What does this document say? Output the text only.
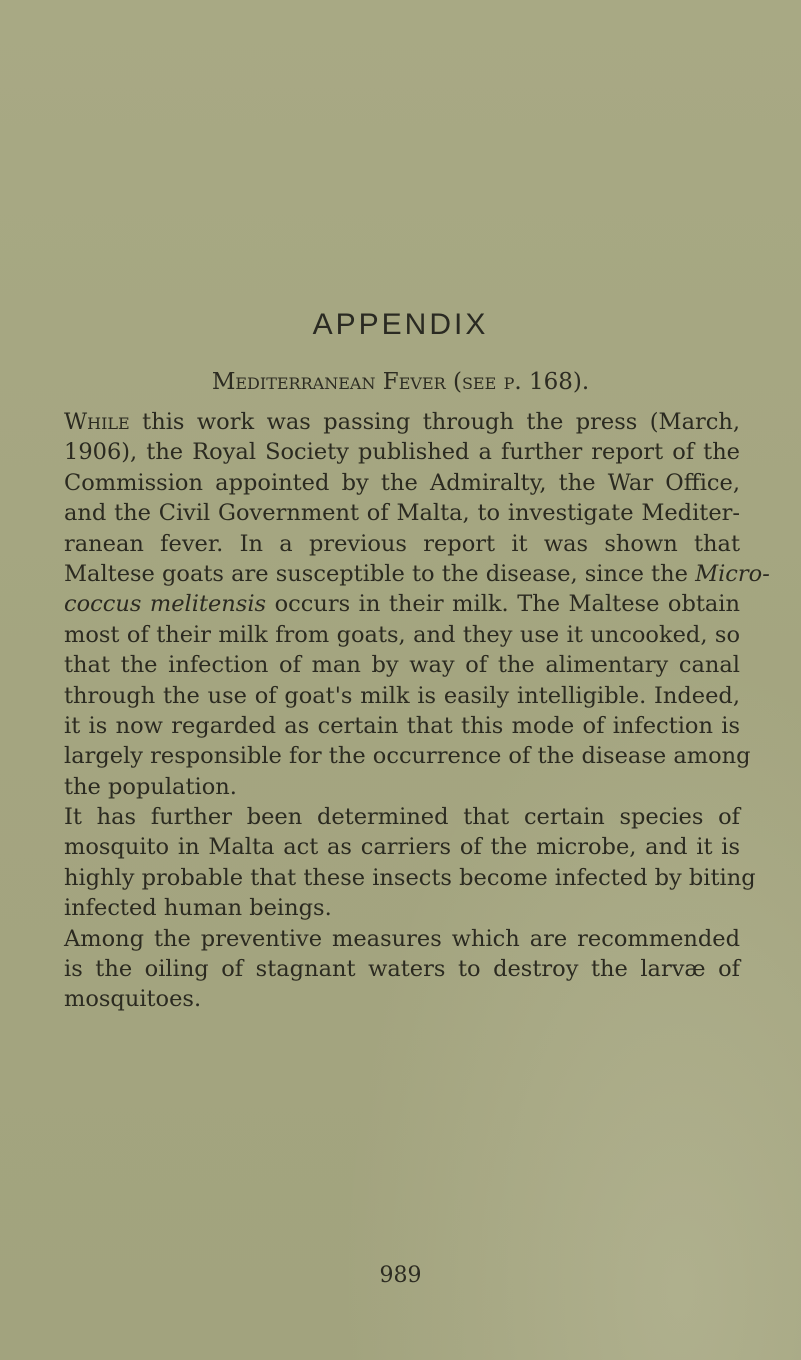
APPENDIX
Mediterranean Fever (see p. 168).
While this work was passing through the press (March,
1906), the Royal Society published a further report of the
Commission appointed by the Admiralty, the War Office,
and the Civil Government of Malta, to investigate Mediter-
ranean fever. In a previous report it was shown that
Maltese goats are susceptible to the disease, since the Micro-
coccus melitensis occurs in their milk. The Maltese obtain
most of their milk from goats, and they use it uncooked, so
that the infection of man by way of the alimentary canal
through the use of goat's milk is easily intelligible. Indeed,
it is now regarded as certain that this mode of infection is
largely responsible for the occurrence of the disease among
the population.
It has further been determined that certain species of
mosquito in Malta act as carriers of the microbe, and it is
highly probable that these insects become infected by biting
infected human beings.
Among the preventive measures which are recommended
is the oiling of stagnant waters to destroy the larvæ of
mosquitoes.
989
